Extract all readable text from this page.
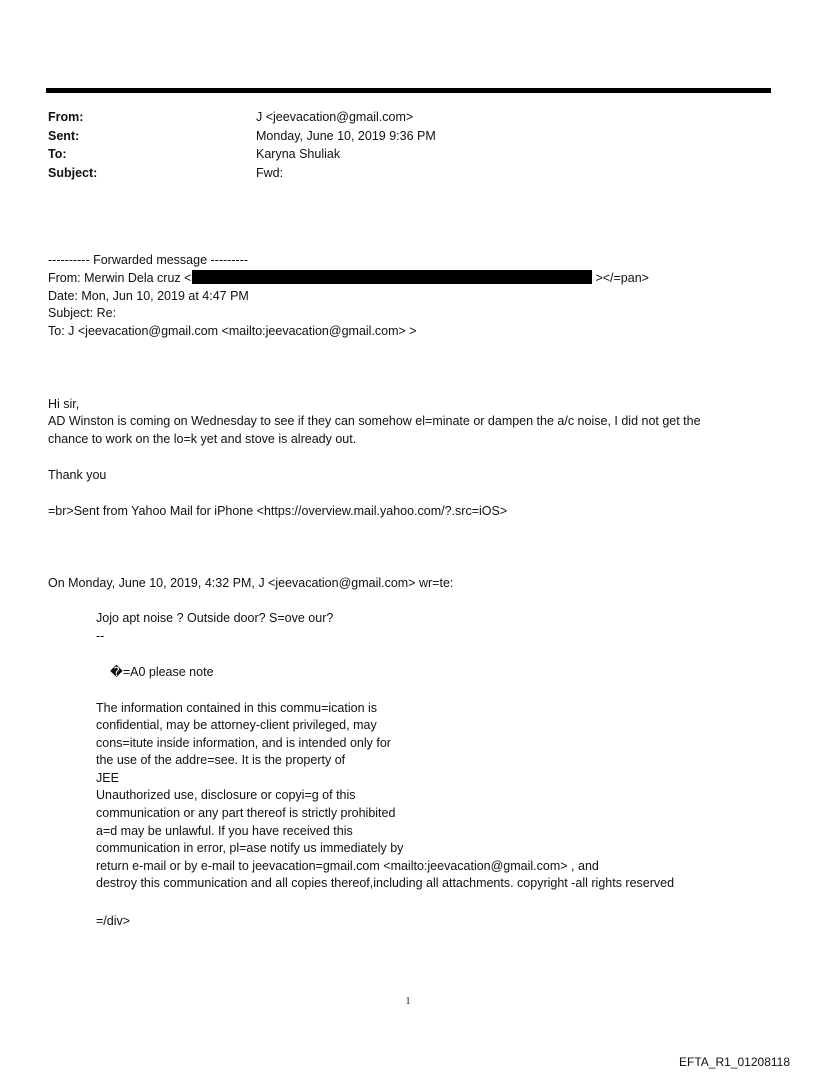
From:	J <jeevacation@gmail.com>
Sent:	Monday, June 10, 2019 9:36 PM
To:	Karyna Shuliak
Subject:	Fwd:
---------- Forwarded message ---------
From: Merwin Dela cruz <	></=pan>
Date: Mon, Jun 10, 2019 at 4:47 PM
Subject: Re:
To: J <jeevacation@gmail.com <mailto:jeevacation@gmail.com> >
Hi sir,
AD Winston is coming on Wednesday to see if they can somehow el=minate or dampen the a/c noise, I did not get the
chance to work on the lo=k yet and stove is already out.
Thank you
=br>Sent from Yahoo Mail for iPhone <https://overview.mail.yahoo.com/?.src=iOS>
On Monday, June 10, 2019, 4:32 PM, J <jeevacation@gmail.com> wr=te:
Jojo apt noise ? Outside door? S=ove our?
--
�=A0 please note
The information contained in this commu=ication is
confidential, may be attorney-client privileged, may
cons=itute inside information, and is intended only for
the use of the addre=see. It is the property of
JEE
Unauthorized use, disclosure or copyi=g of this
communication or any part thereof is strictly prohibited
a=d may be unlawful. If you have received this
communication in error, pl=ase notify us immediately by
return e-mail or by e-mail to jeevacation=gmail.com <mailto:jeevacation@gmail.com> , and
destroy this communication and all copies thereof,including all attachments. copyright -all rights reserved
=/div>
1
EFTA_R1_01208118
